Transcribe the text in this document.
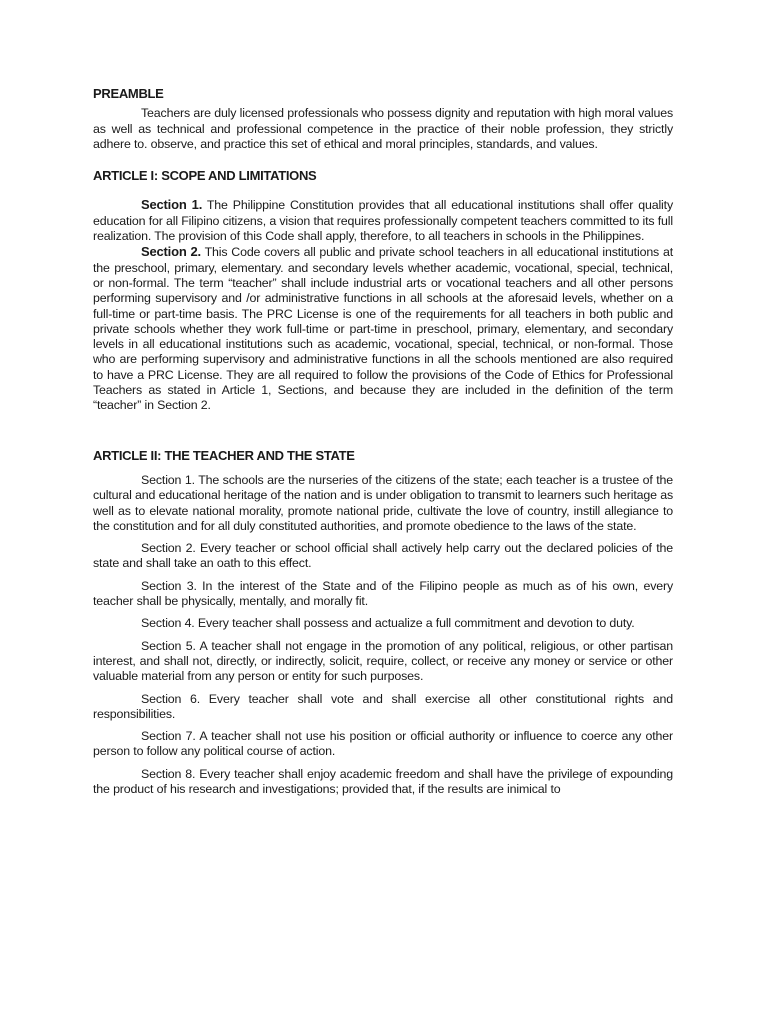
PREAMBLE

Teachers are duly licensed professionals who possess dignity and reputation with high moral values as well as technical and professional competence in the practice of their noble profession, they strictly adhere to. observe, and practice this set of ethical and moral principles, standards, and values.

ARTICLE I: SCOPE AND LIMITATIONS

Section 1. The Philippine Constitution provides that all educational institutions shall offer quality education for all Filipino citizens, a vision that requires professionally competent teachers committed to its full realization. The provision of this Code shall apply, therefore, to all teachers in schools in the Philippines.

Section 2. This Code covers all public and private school teachers in all educational institutions at the preschool, primary, elementary. and secondary levels whether academic, vocational, special, technical, or non-formal. The term “teacher” shall include industrial arts or vocational teachers and all other persons performing supervisory and /or administrative functions in all schools at the aforesaid levels, whether on a full-time or part-time basis. The PRC License is one of the requirements for all teachers in both public and private schools whether they work full-time or part-time in preschool, primary, elementary, and secondary levels in all educational institutions such as academic, vocational, special, technical, or non-formal. Those who are performing supervisory and administrative functions in all the schools mentioned are also required to have a PRC License. They are all required to follow the provisions of the Code of Ethics for Professional Teachers as stated in Article 1, Sections, and because they are included in the definition of the term “teacher” in Section 2.

ARTICLE II: THE TEACHER AND THE STATE

Section 1. The schools are the nurseries of the citizens of the state; each teacher is a trustee of the cultural and educational heritage of the nation and is under obligation to transmit to learners such heritage as well as to elevate national morality, promote national pride, cultivate the love of country, instill allegiance to the constitution and for all duly constituted authorities, and promote obedience to the laws of the state.

Section 2. Every teacher or school official shall actively help carry out the declared policies of the state and shall take an oath to this effect.

Section 3. In the interest of the State and of the Filipino people as much as of his own, every teacher shall be physically, mentally, and morally fit.

Section 4. Every teacher shall possess and actualize a full commitment and devotion to duty.

Section 5. A teacher shall not engage in the promotion of any political, religious, or other partisan interest, and shall not, directly, or indirectly, solicit, require, collect, or receive any money or service or other valuable material from any person or entity for such purposes.

Section 6. Every teacher shall vote and shall exercise all other constitutional rights and responsibilities.

Section 7. A teacher shall not use his position or official authority or influence to coerce any other person to follow any political course of action.

Section 8. Every teacher shall enjoy academic freedom and shall have the privilege of expounding the product of his research and investigations; provided that, if the results are inimical to
